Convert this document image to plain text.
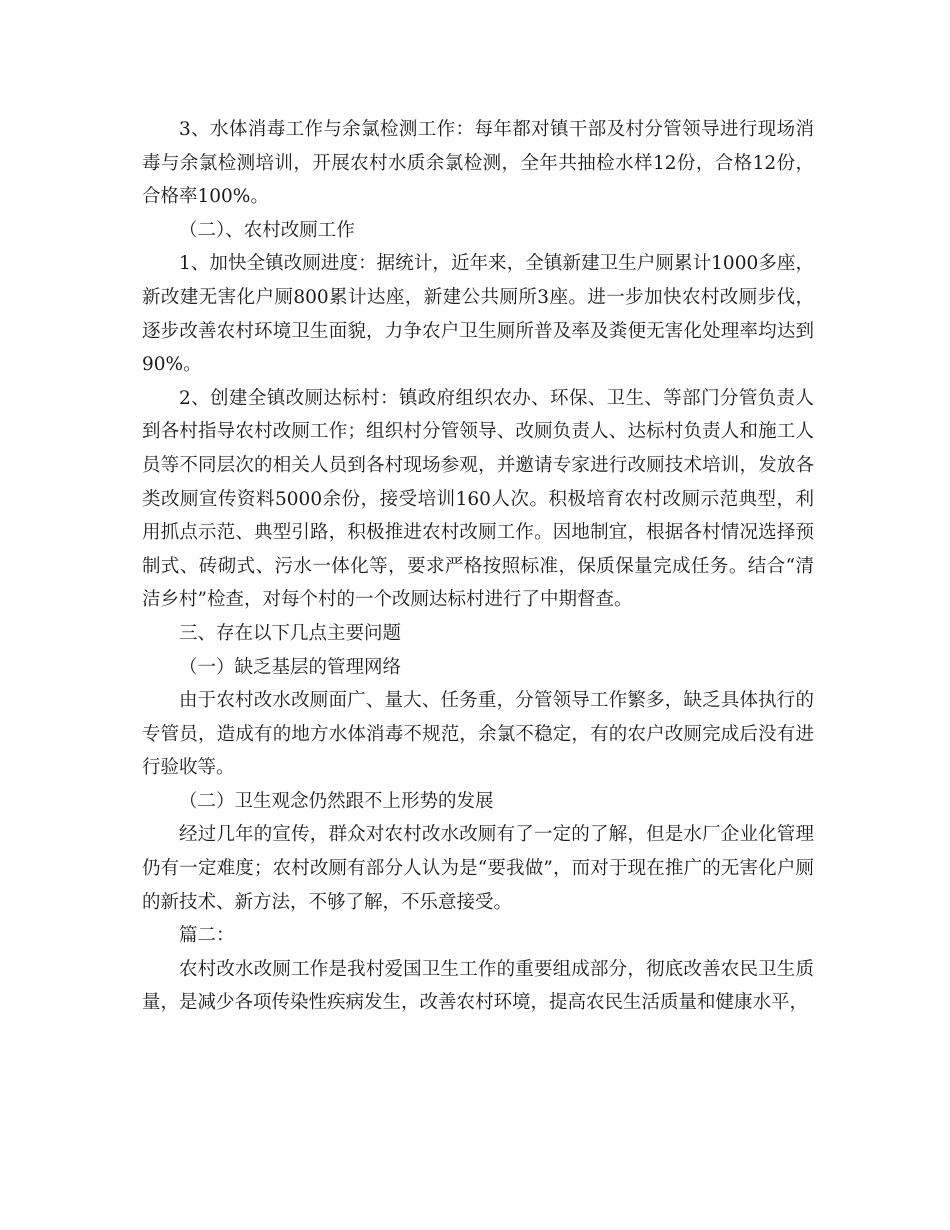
3、水体消毒工作与余氯检测工作：每年都对镇干部及村分管领导进行现场消毒与余氯检测培训，开展农村水质余氯检测，全年共抽检水样12份，合格12份，合格率100%。

（二）、农村改厕工作

1、加快全镇改厕进度：据统计，近年来，全镇新建卫生户厕累计1000多座，新改建无害化户厕800累计达座，新建公共厕所3座。进一步加快农村改厕步伐，逐步改善农村环境卫生面貌，力争农户卫生厕所普及率及粪便无害化处理率均达到90%。

2、创建全镇改厕达标村：镇政府组织农办、环保、卫生、等部门分管负责人到各村指导农村改厕工作；组织村分管领导、改厕负责人、达标村负责人和施工人员等不同层次的相关人员到各村现场参观，并邀请专家进行改厕技术培训，发放各类改厕宣传资料5000余份，接受培训160人次。积极培育农村改厕示范典型，利用抓点示范、典型引路，积极推进农村改厕工作。因地制宜，根据各村情况选择预制式、砖砌式、污水一体化等，要求严格按照标准，保质保量完成任务。结合“清洁乡村”检查，对每个村的一个改厕达标村进行了中期督查。

三、存在以下几点主要问题

（一）缺乏基层的管理网络

由于农村改水改厕面广、量大、任务重，分管领导工作繁多，缺乏具体执行的专管员，造成有的地方水体消毒不规范，余氯不稳定，有的农户改厕完成后没有进行验收等。

（二）卫生观念仍然跟不上形势的发展

经过几年的宣传，群众对农村改水改厕有了一定的了解，但是水厂企业化管理仍有一定难度；农村改厕有部分人认为是“要我做”，而对于现在推广的无害化户厕的新技术、新方法，不够了解，不乐意接受。

篇二：

农村改水改厕工作是我村爱国卫生工作的重要组成部分，彻底改善农民卫生质量，是减少各项传染性疾病发生，改善农村环境，提高农民生活质量和健康水平，
